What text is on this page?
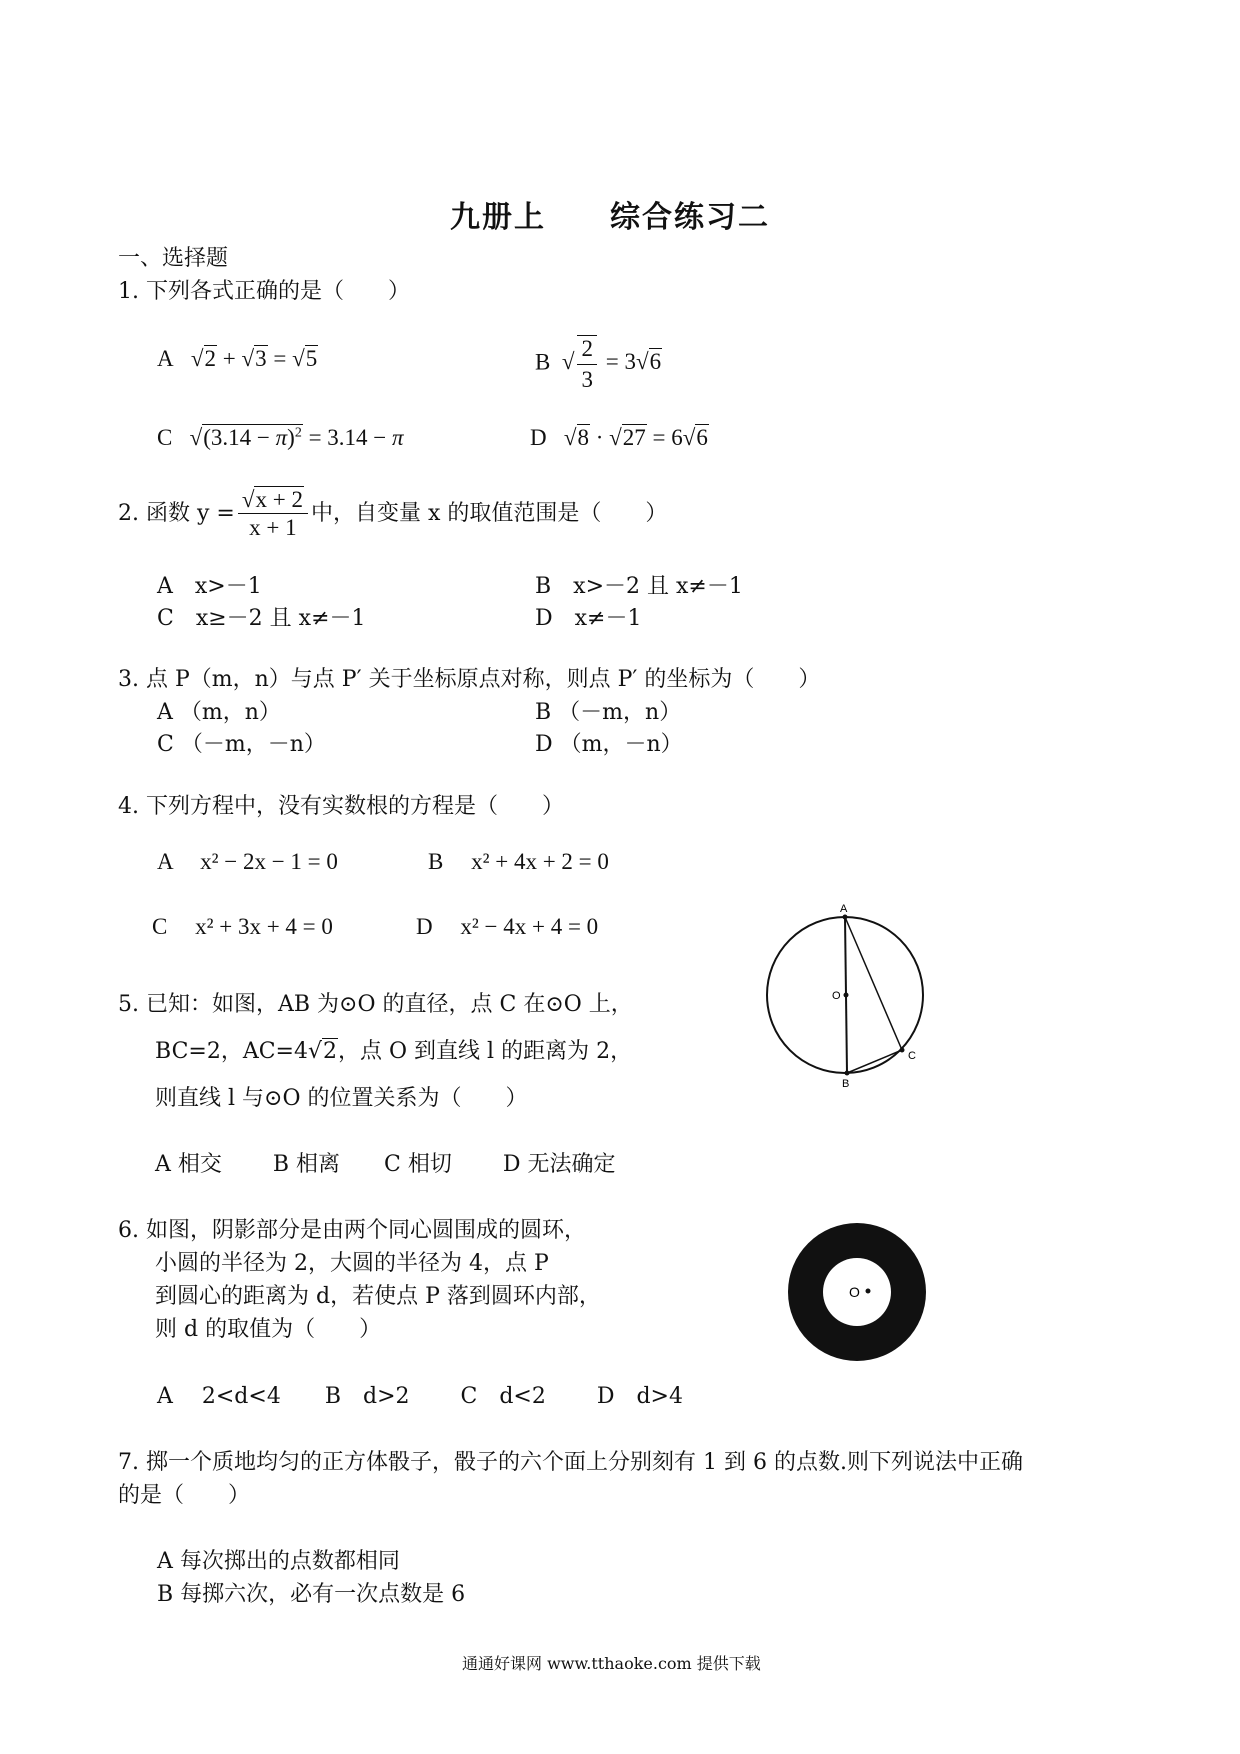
九册上　　综合练习二
一、选择题
1. 下列各式正确的是（　　）
A √2 + √3 = √5	B √ $\frac{2}{3} = 3√6$
C $√(3.14 - \pi)^2 = 3.14 - \pi$	D √8 · √27 = 6√6
2. 函数 $y = \frac{√x + 2}{x + 1}$ 中，自变量 x 的取值范围是（　　）
A　x>－1	B　x>－2 且 x≠－1
C　x≥－2 且 x≠－1	D　x≠－1
3. 点 P（m，n）与点 P′ 关于坐标原点对称，则点 P′ 的坐标为（　　）
A （m，n）	B （－m，n）
C （－m，－n）	D （m，－n）
4. 下列方程中，没有实数根的方程是（　　）
A x² − 2x − 1 = 0	B x² + 4x + 2 = 0
C x² + 3x + 4 = 0	D x² − 4x + 4 = 0
A
O
B
C
5. 已知：如图，AB 为⊙O 的直径，点 C 在⊙O 上，
BC=2，AC=4√2，点 O 到直线 l 的距离为 2，
则直线 l 与⊙O 的位置关系为（　　）
A 相交　　 B 相离　　C 相切　　 D 无法确定
6. 如图，阴影部分是由两个同心圆围成的圆环，
小圆的半径为 2，大圆的半径为 4，点 P
到圆心的距离为 d，若使点 P 落到圆环内部，
则 d 的取值为（　　）
A　 2<d<4　　B　d>2　　 C　d<2　　 D　d>4
O
7. 掷一个质地均匀的正方体骰子，骰子的六个面上分别刻有 1 到 6 的点数.则下列说法中正确
的是（　　）
A 每次掷出的点数都相同
B 每掷六次，必有一次点数是 6
通通好课网 www.tthaoke.com 提供下载
